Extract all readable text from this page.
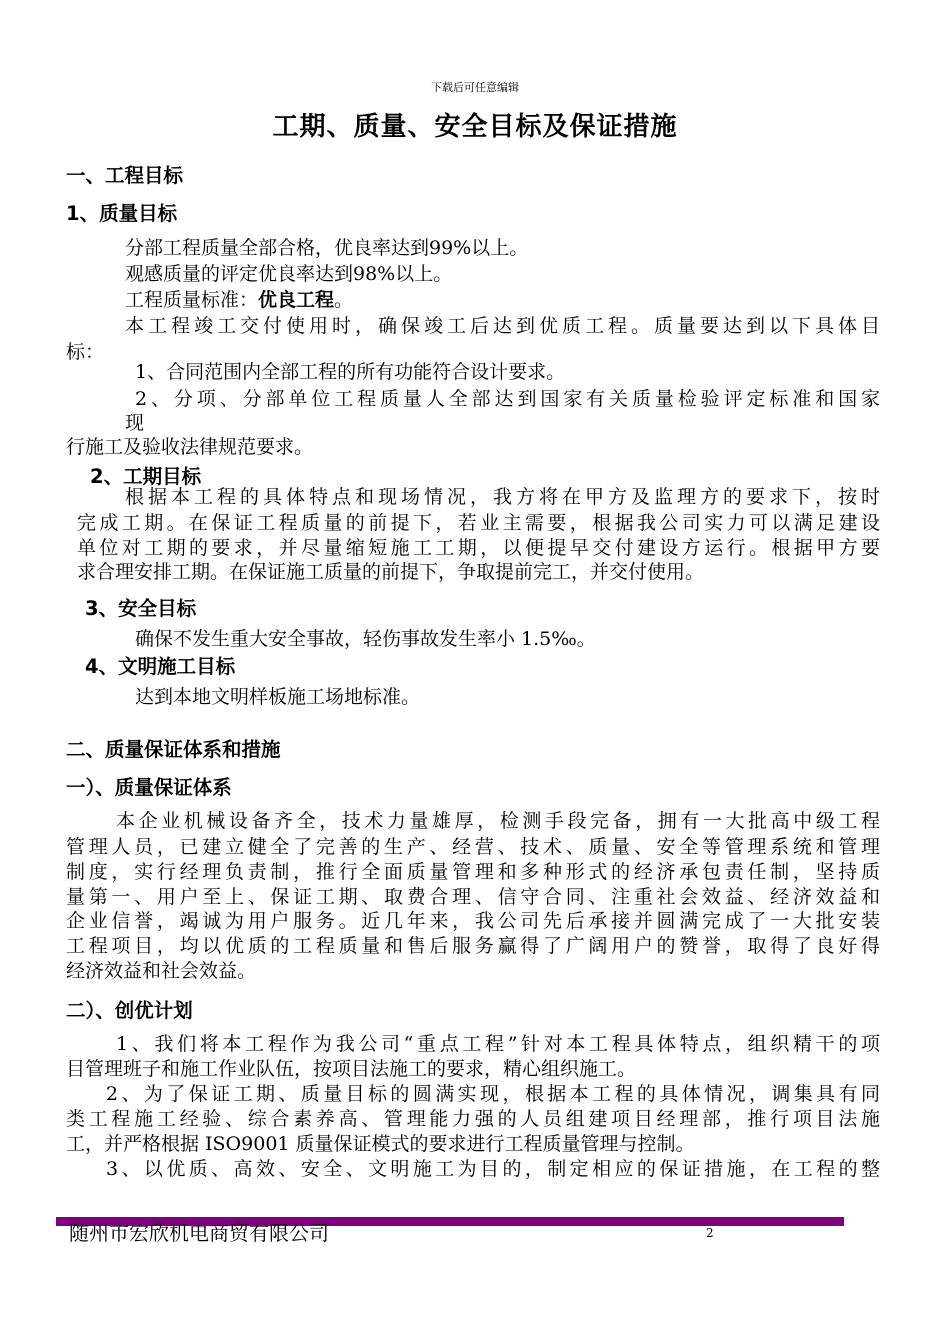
下载后可任意编辑
工期、质量、安全目标及保证措施
一、工程目标
1、质量目标
分部工程质量全部合格，优良率达到99%以上。
观感质量的评定优良率达到98%以上。
工程质量标准：优良工程。
本工程竣工交付使用时，确保竣工后达到优质工程。质量要达到以下具体目
标：
1、合同范围内全部工程的所有功能符合设计要求。
2、分项、分部单位工程质量人全部达到国家有关质量检验评定标准和国家
现
行施工及验收法律规范要求。
2、工期目标
根据本工程的具体特点和现场情况，我方将在甲方及监理方的要求下，按时
完成工期。在保证工程质量的前提下，若业主需要，根据我公司实力可以满足建设
单位对工期的要求，并尽量缩短施工工期，以便提早交付建设方运行。根据甲方要
求合理安排工期。在保证施工质量的前提下，争取提前完工，并交付使用。
3、安全目标
确保不发生重大安全事故，轻伤事故发生率小 1.5‰。
4、文明施工目标
达到本地文明样板施工场地标准。
二、质量保证体系和措施
一）、质量保证体系
本企业机械设备齐全，技术力量雄厚，检测手段完备，拥有一大批高中级工程
管理人员，已建立健全了完善的生产、经营、技术、质量、安全等管理系统和管理
制度，实行经理负责制，推行全面质量管理和多种形式的经济承包责任制，坚持质
量第一、用户至上、保证工期、取费合理、信守合同、注重社会效益、经济效益和
企业信誉，竭诚为用户服务。近几年来，我公司先后承接并圆满完成了一大批安装
工程项目，均以优质的工程质量和售后服务赢得了广阔用户的赞誉，取得了良好得
经济效益和社会效益。
二）、创优计划
1、我们将本工程作为我公司“重点工程”针对本工程具体特点，组织精干的项
目管理班子和施工作业队伍，按项目法施工的要求，精心组织施工。
2、为了保证工期、质量目标的圆满实现，根据本工程的具体情况，调集具有同
类工程施工经验、综合素养高、管理能力强的人员组建项目经理部，推行项目法施
工，并严格根据 ISO9001 质量保证模式的要求进行工程质量管理与控制。
3、以优质、高效、安全、文明施工为目的，制定相应的保证措施，在工程的整
随州市宏欣机电商贸有限公司	2
